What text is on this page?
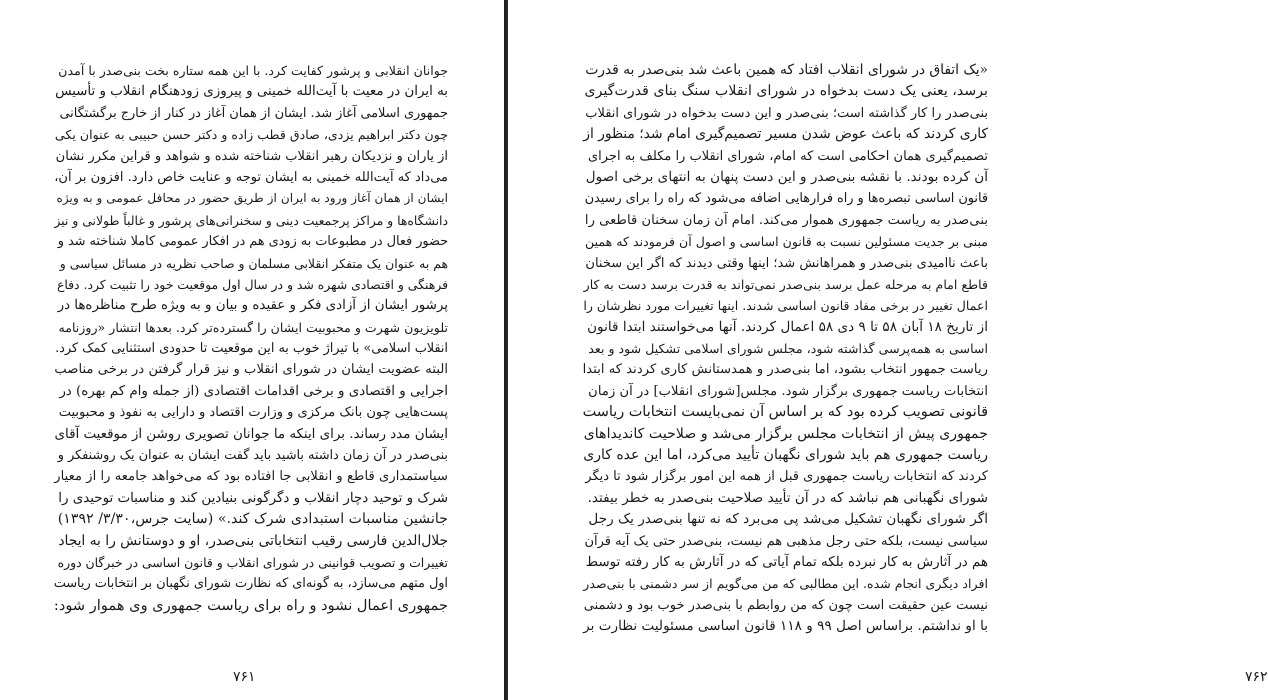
جوانان انقلابی و پرشور کفایت کرد. با این همه ستاره بخت بنی‌صدر با آمدن
به ایران در معیت با آیت‌الله خمینی و پیروزی زودهنگام انقلاب و تأسیس
جمهوری اسلامی آغاز شد. ایشان از همان آغاز در کنار از خارج برگشتگانی
چون دکتر ابراهیم یزدی، صادق قطب زاده و دکتر حسن حبیبی به عنوان یکی
از یاران و نزدیکان رهبر انقلاب شناخته شده و شواهد و قراین مکرر نشان
می‌داد که آیت‌الله خمینی به ایشان توجه و عنایت خاص دارد. افزون بر آن،
ایشان از همان آغاز ورود به ایران از طریق حضور در محافل عمومی و به ویژه
دانشگاه‌ها و مراکز پرجمعیت دینی و سخنرانی‌های پرشور و غالباً طولانی و نیز
حضور فعال در مطبوعات به زودی هم در افکار عمومی کاملا شناخته شد و
هم به عنوان یک متفکر انقلابی مسلمان و صاحب نظریه در مسائل سیاسی و
فرهنگی و اقتصادی شهره شد و در سال اول موقعیت خود را تثبیت کرد. دفاع
پرشور ایشان از آزادی فکر و عقیده و بیان و به ویژه طرح مناظره‌ها در
تلویزیون شهرت و محبوبیت ایشان را گسترده‌تر کرد. بعدها انتشار «روزنامه
انقلاب اسلامی» با تیراژ خوب به این موقعیت تا حدودی استثنایی کمک کرد.
البته عضویت ایشان در شورای انقلاب و نیز قرار گرفتن در برخی مناصب
اجرایی و اقتصادی و برخی اقدامات اقتصادی (از جمله وام کم بهره) در
پست‌هایی چون بانک مرکزی و وزارت اقتصاد و دارایی به نفوذ و محبوبیت
ایشان مدد رساند. برای اینکه ما جوانان تصویری روشن از موقعیت آقای
بنی‌صدر در آن زمان داشته باشید باید گفت ایشان به عنوان یک روشنفکر و
سیاستمداری قاطع و انقلابی جا افتاده بود که می‌خواهد جامعه را از معیار
شرک و توحید دچار انقلاب و دگرگونی بنیادین کند و مناسبات توحیدی را
جانشین مناسبات استبدادی شرک کند.» (سایت جرس،۳/۳۰/ ۱۳۹۲)
جلال‌الدین فارسی رقیب انتخاباتی بنی‌صدر، او و دوستانش را به ایجاد
تغییرات و تصویب قوانینی در شورای انقلاب و قانون اساسی در خبرگان دوره
اول متهم می‌سازد، به گونه‌ای که نظارت شورای نگهبان بر انتخابات ریاست
جمهوری اعمال نشود و راه برای ریاست جمهوری وی هموار شود:
۷۶۱
«یک اتفاق در شورای انقلاب افتاد که همین باعث شد بنی‌صدر به قدرت
برسد، یعنی یک دست بدخواه در شورای انقلاب سنگ بنای قدرت‌گیری
بنی‌صدر را کار گذاشته است؛ بنی‌صدر و این دست بدخواه در شورای انقلاب
کاری کردند که باعث عوض شدن مسیر تصمیم‌گیری امام شد؛ منظور از
تصمیم‌گیری همان احکامی است که امام، شورای انقلاب را مکلف به اجرای
آن کرده بودند. با نقشه بنی‌صدر و این دست پنهان به انتهای برخی اصول
قانون اساسی تبصره‌ها و راه فرارهایی اضافه می‌شود که راه را برای رسیدن
بنی‌صدر به ریاست جمهوری هموار می‌کند. امام آن زمان سخنان قاطعی را
مبنی بر جدیت مسئولین نسبت به قانون اساسی و اصول آن فرمودند که همین
باعث ناامیدی بنی‌صدر و همراهانش شد؛ اینها وقتی دیدند که اگر این سخنان
قاطع امام به مرحله عمل برسد بنی‌صدر نمی‌تواند به قدرت برسد دست به کار
اعمال تغییر در برخی مفاد قانون اساسی شدند. اینها تغییرات مورد نظرشان را
از تاریخ ۱۸ آبان ۵۸ تا ۹ دی ۵۸ اعمال کردند. آنها می‌خواستند ابتدا قانون
اساسی به همه‌پرسی گذاشته شود، مجلس شورای اسلامی تشکیل شود و بعد
ریاست جمهور انتخاب بشود، اما بنی‌صدر و همدستانش کاری کردند که ابتدا
انتخابات ریاست جمهوری برگزار شود. مجلس[شورای انقلاب] در آن زمان
قانونی تصویب کرده بود که بر اساس آن نمی‌بایست انتخابات ریاست
جمهوری پیش از انتخابات مجلس برگزار می‌شد و صلاحیت کاندیداهای
ریاست جمهوری هم باید شورای نگهبان تأیید می‌کرد، اما این عده کاری
کردند که انتخابات ریاست جمهوری قبل از همه این امور برگزار شود تا دیگر
شورای نگهبانی هم نباشد که در آن تأیید صلاحیت بنی‌صدر به خطر بیفتد.
اگر شورای نگهبان تشکیل می‌شد پی می‌برد که نه تنها بنی‌صدر یک رجل
سیاسی نیست، بلکه حتی رجل مذهبی هم نیست، بنی‌صدر حتی یک آیه قرآن
هم در آثارش به کار نبرده بلکه تمام آیاتی که در آثارش به کار رفته توسط
افراد دیگری انجام شده. این مطالبی که من می‌گویم از سر دشمنی با بنی‌صدر
نیست عین حقیقت است چون که من روابطم با بنی‌صدر خوب بود و دشمنی
با او نداشتم. براساس اصل ۹۹ و ۱۱۸ قانون اساسی مسئولیت نظارت بر
۷۶۲
